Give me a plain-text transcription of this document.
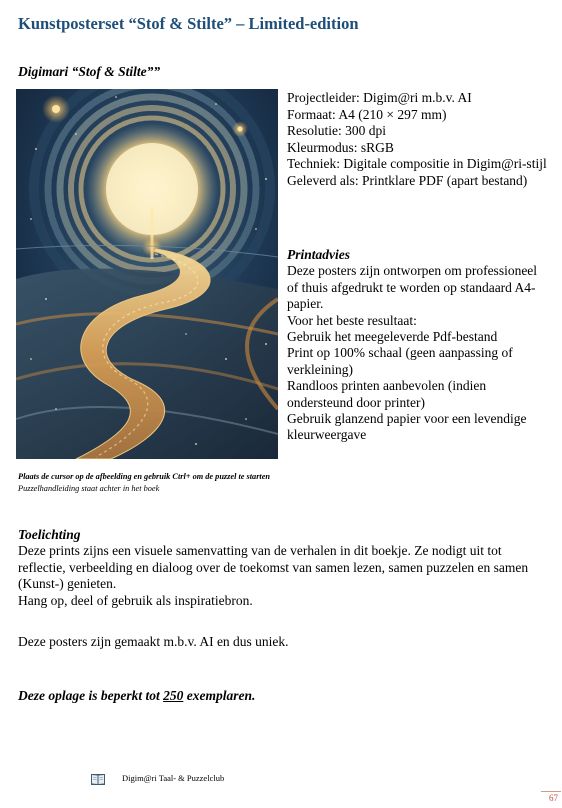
Kunstposterset “Stof & Stilte” – Limited-edition
Digimari “Stof & Stilte””
Projectleider: Digim@ri m.b.v. AI
Formaat: A4 (210 × 297 mm)
Resolutie: 300 dpi
Kleurmodus: sRGB
Techniek: Digitale compositie in Digim@ri-stijl
Geleverd als: Printklare PDF (apart bestand)
Printadvies
Deze posters zijn ontworpen om professioneel of thuis afgedrukt te worden op standaard A4-papier.
Voor het beste resultaat:
Gebruik het meegeleverde Pdf-bestand
Print op 100% schaal (geen aanpassing of verkleining)
Randloos printen aanbevolen (indien ondersteund door printer)
Gebruik glanzend papier voor een levendige kleurweergave
Plaats de cursor op de afbeelding en gebruik Ctrl+ om de puzzel te starten
Puzzelhandleiding staat achter in het boek
Toelichting
Deze prints zijns een visuele samenvatting van de verhalen in dit boekje. Ze nodigt uit tot reflectie, verbeelding en dialoog over de toekomst van samen lezen, samen puzzelen en samen (Kunst-) genieten.
Hang op, deel of gebruik als inspiratiebron.
Deze posters zijn gemaakt m.b.v. AI en dus uniek.
Deze oplage is beperkt tot 250 exemplaren.
Digim@ri Taal- & Puzzelclub
67
